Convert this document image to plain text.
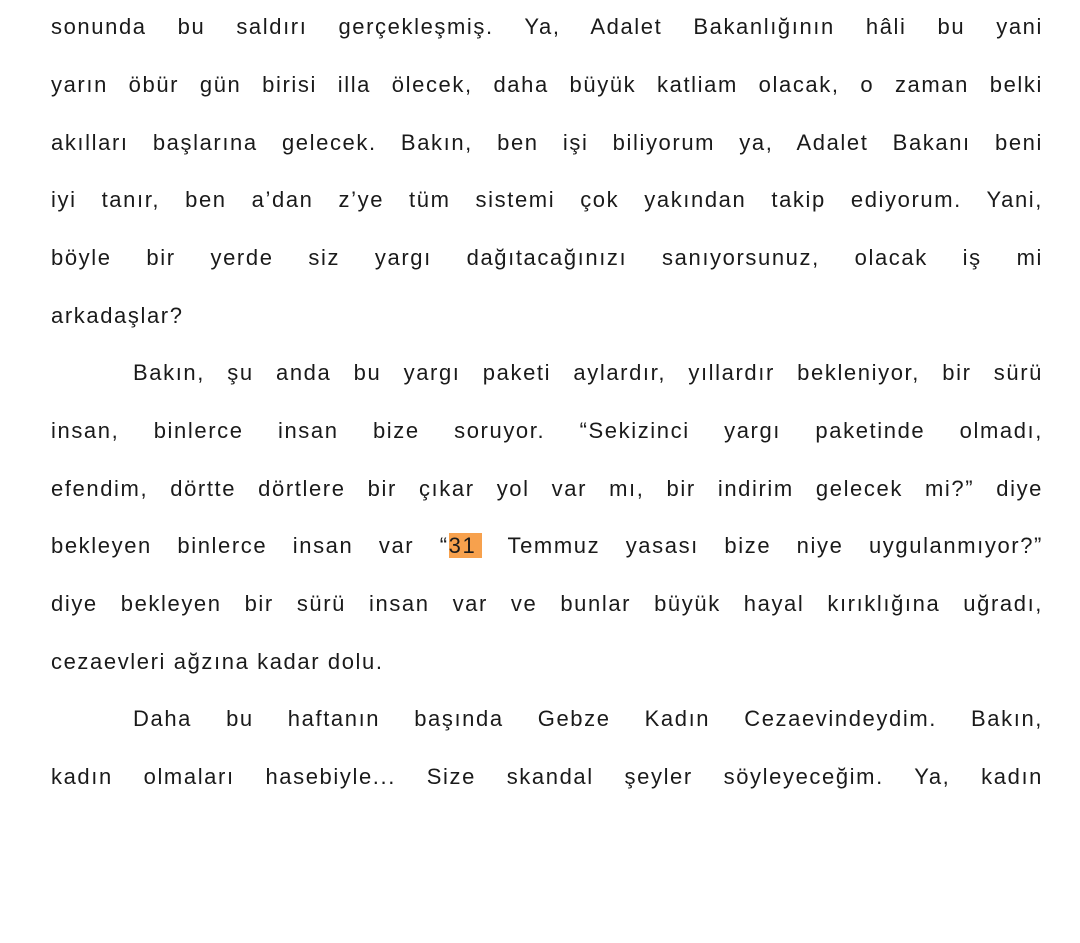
sonunda bu saldırı gerçekleşmiş. Ya, Adalet Bakanlığının hâli bu yani
yarın öbür gün birisi illa ölecek, daha büyük katliam olacak, o zaman belki
akılları başlarına gelecek. Bakın, ben işi biliyorum ya, Adalet Bakanı beni
iyi tanır, ben a’dan z’ye tüm sistemi çok yakından takip ediyorum. Yani,
böyle bir yerde siz yargı dağıtacağınızı sanıyorsunuz, olacak iş mi
arkadaşlar?
Bakın, şu anda bu yargı paketi aylardır, yıllardır bekleniyor, bir sürü
insan, binlerce insan bize soruyor. “Sekizinci yargı paketinde olmadı,
efendim, dörtte dörtlere bir çıkar yol var mı, bir indirim gelecek mi?” diye
bekleyen binlerce insan var “31 Temmuz yasası bize niye uygulanmıyor?”
diye bekleyen bir sürü insan var ve bunlar büyük hayal kırıklığına uğradı,
cezaevleri ağzına kadar dolu.
Daha bu haftanın başında Gebze Kadın Cezaevindeydim. Bakın,
kadın olmaları hasebiyle... Size skandal şeyler söyleyeceğim. Ya, kadın
